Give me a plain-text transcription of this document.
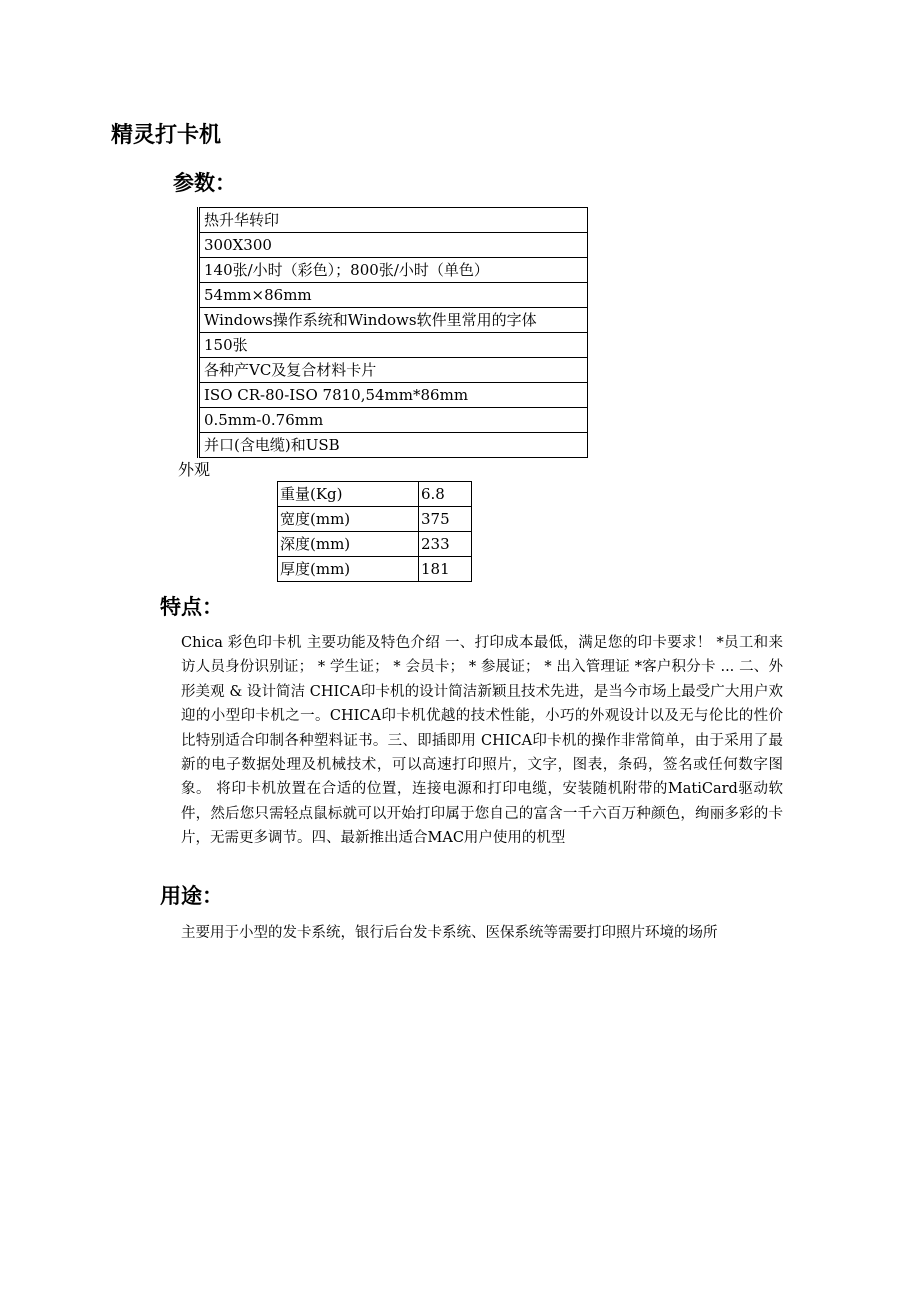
精灵打卡机
参数：
热升华转印
300X300
140张/小时（彩色）；800张/小时（单色）
54mm×86mm
Windows操作系统和Windows软件里常用的字体
150张
各种产VC及复合材料卡片
ISO CR-80-ISO 7810,54mm*86mm
0.5mm-0.76mm
并口(含电缆)和USB
外观
重量(Kg)	6.8
宽度(mm)	375
深度(mm)	233
厚度(mm)	181
特点：
Chica 彩色印卡机 主要功能及特色介绍 一、打印成本最低，满足您的印卡要求！ *员工和来访人员身份识别证； * 学生证； * 会员卡； * 参展证； * 出入管理证 *客户积分卡 ... 二、外形美观 & 设计简洁 CHICA印卡机的设计简洁新颖且技术先进，是当今市场上最受广大用户欢迎的小型印卡机之一。CHICA印卡机优越的技术性能，小巧的外观设计以及无与伦比的性价比特别适合印制各种塑料证书。三、即插即用 CHICA印卡机的操作非常简单，由于采用了最新的电子数据处理及机械技术，可以高速打印照片，文字，图表，条码，签名或任何数字图象。 将印卡机放置在合适的位置，连接电源和打印电缆，安装随机附带的MatiCard驱动软件，然后您只需轻点鼠标就可以开始打印属于您自己的富含一千六百万种颜色，绚丽多彩的卡片，无需更多调节。四、最新推出适合MAC用户使用的机型
用途：
主要用于小型的发卡系统，银行后台发卡系统、医保系统等需要打印照片环境的场所
